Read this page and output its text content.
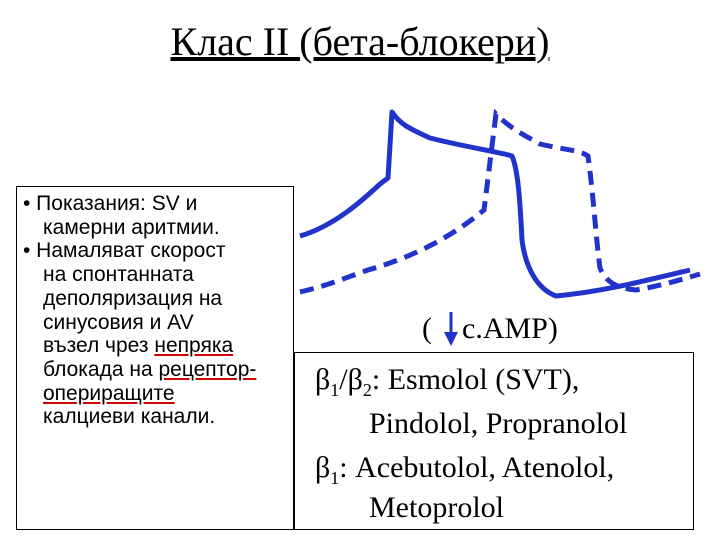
Клас ІІ (бета-блокери)
( c.AMP)
• Показания: SV и
камерни аритмии.
• Намаляват скорост
на спонтанната
деполяризация на
синусовия и AV
възел чрез непряка
блокада на рецептор-
опериращите
калциеви канали.
$\beta_1/\beta_2$: Esmolol (SVT),
Pindolol, Propranolol
$\beta_1$: Acebutolol, Atenolol,
Metoprolol
